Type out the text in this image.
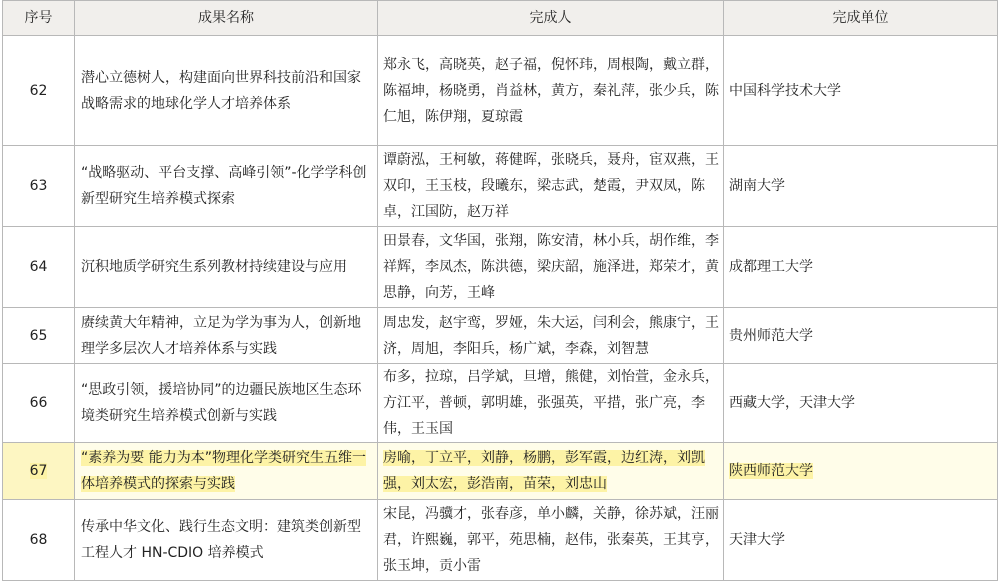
序号	成果名称	完成人	完成单位
62	潜心立德树人，构建面向世界科技前沿和国家战略需求的地球化学人才培养体系	郑永飞，高晓英，赵子福，倪怀玮，周根陶，戴立群，陈福坤，杨晓勇，肖益林，黄方，秦礼萍，张少兵，陈仁旭，陈伊翔，夏琼霞	中国科学技术大学
63	“战略驱动、平台支撑、高峰引领”-化学学科创新型研究生培养模式探索	谭蔚泓，王柯敏，蒋健晖，张晓兵，聂舟，宦双燕，王双印，王玉枝，段曦东，梁志武，楚霞，尹双凤，陈卓，江国防，赵万祥	湖南大学
64	沉积地质学研究生系列教材持续建设与应用	田景春，文华国，张翔，陈安清，林小兵，胡作维，李祥辉，李凤杰，陈洪德，梁庆韶，施泽进，郑荣才，黄思静，向芳，王峰	成都理工大学
65	赓续黄大年精神，立足为学为事为人，创新地理学多层次人才培养体系与实践	周忠发，赵宇鸾，罗娅，朱大运，闫利会，熊康宁，王济，周旭，李阳兵，杨广斌，李森，刘智慧	贵州师范大学
66	“思政引领，援培协同”的边疆民族地区生态环境类研究生培养模式创新与实践	布多，拉琼，吕学斌，旦增，熊健，刘怡萱，金永兵，方江平，普顿，郭明雄，张强英，平措，张广亮，李伟，王玉国	西藏大学，天津大学
67	“素养为要 能力为本”物理化学类研究生五维一体培养模式的探索与实践	房喻，丁立平，刘静，杨鹏，彭军霞，边红涛，刘凯强，刘太宏，彭浩南，苗荣，刘忠山	陕西师范大学
68	传承中华文化、践行生态文明：建筑类创新型工程人才 HN-CDIO 培养模式	宋昆，冯骥才，张春彦，单小麟，关静，徐苏斌，汪丽君，许熙巍，郭平，苑思楠，赵伟，张秦英，王其亨，张玉坤，贡小雷	天津大学
